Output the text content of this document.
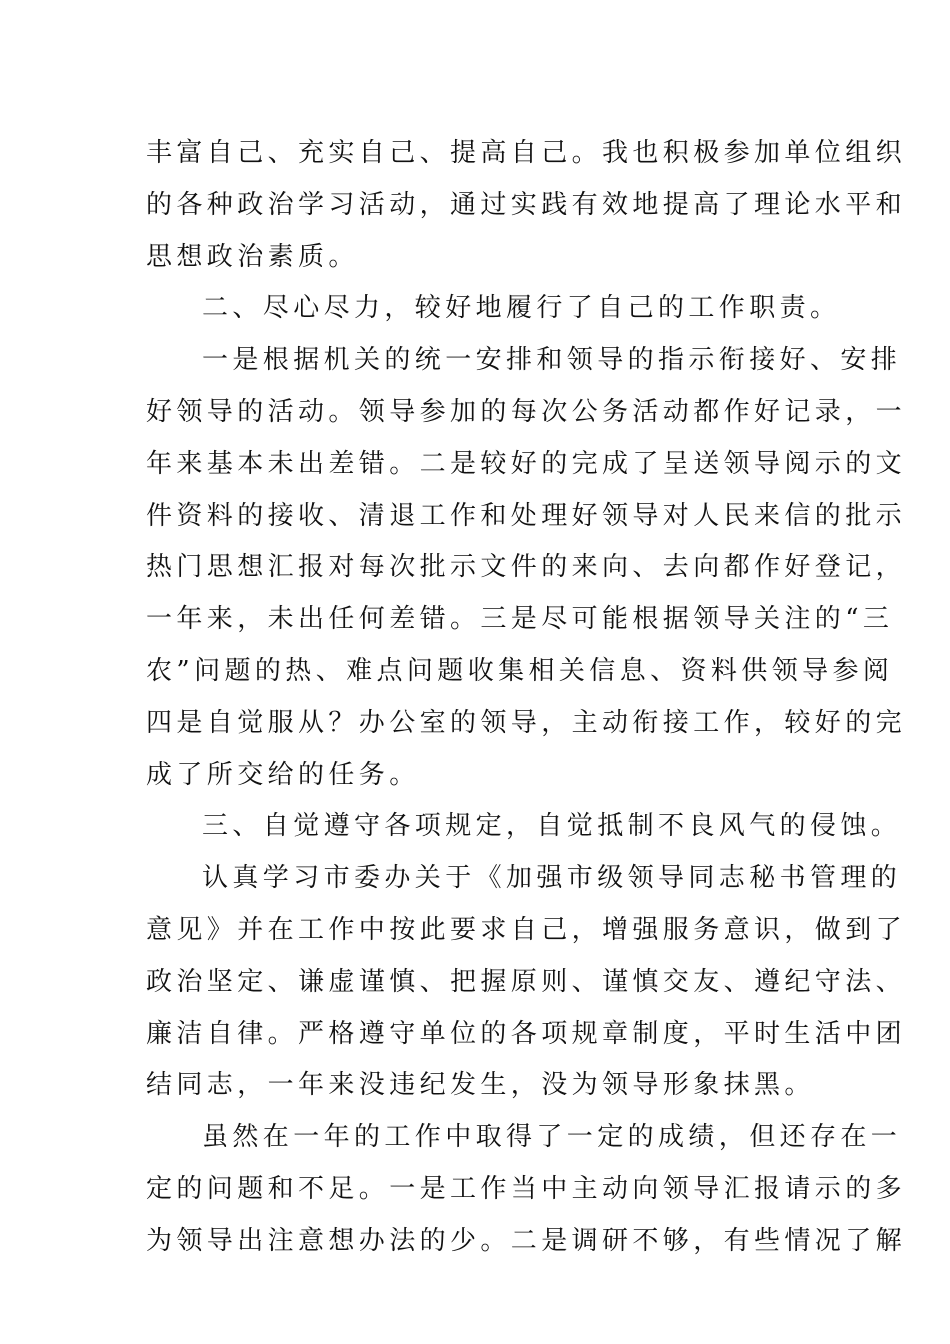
丰富自己、充实自己、提高自己。我也积极参加单位组织
的各种政治学习活动，通过实践有效地提高了理论水平和
思想政治素质。
二、尽心尽力，较好地履行了自己的工作职责。
一是根据机关的统一安排和领导的指示衔接好、安排
好领导的活动。领导参加的每次公务活动都作好记录，一
年来基本未出差错。二是较好的完成了呈送领导阅示的文
件资料的接收、清退工作和处理好领导对人民来信的批示
热门思想汇报对每次批示文件的来向、去向都作好登记，
一年来，未出任何差错。三是尽可能根据领导关注的“三
农”问题的热、难点问题收集相关信息、资料供领导参阅
四是自觉服从？办公室的领导，主动衔接工作，较好的完
成了所交给的任务。
三、自觉遵守各项规定，自觉抵制不良风气的侵蚀。
认真学习市委办关于《加强市级领导同志秘书管理的
意见》并在工作中按此要求自己，增强服务意识，做到了
政治坚定、谦虚谨慎、把握原则、谨慎交友、遵纪守法、
廉洁自律。严格遵守单位的各项规章制度，平时生活中团
结同志，一年来没违纪发生，没为领导形象抹黑。
虽然在一年的工作中取得了一定的成绩，但还存在一
定的问题和不足。一是工作当中主动向领导汇报请示的多
为领导出注意想办法的少。二是调研不够，有些情况了解
